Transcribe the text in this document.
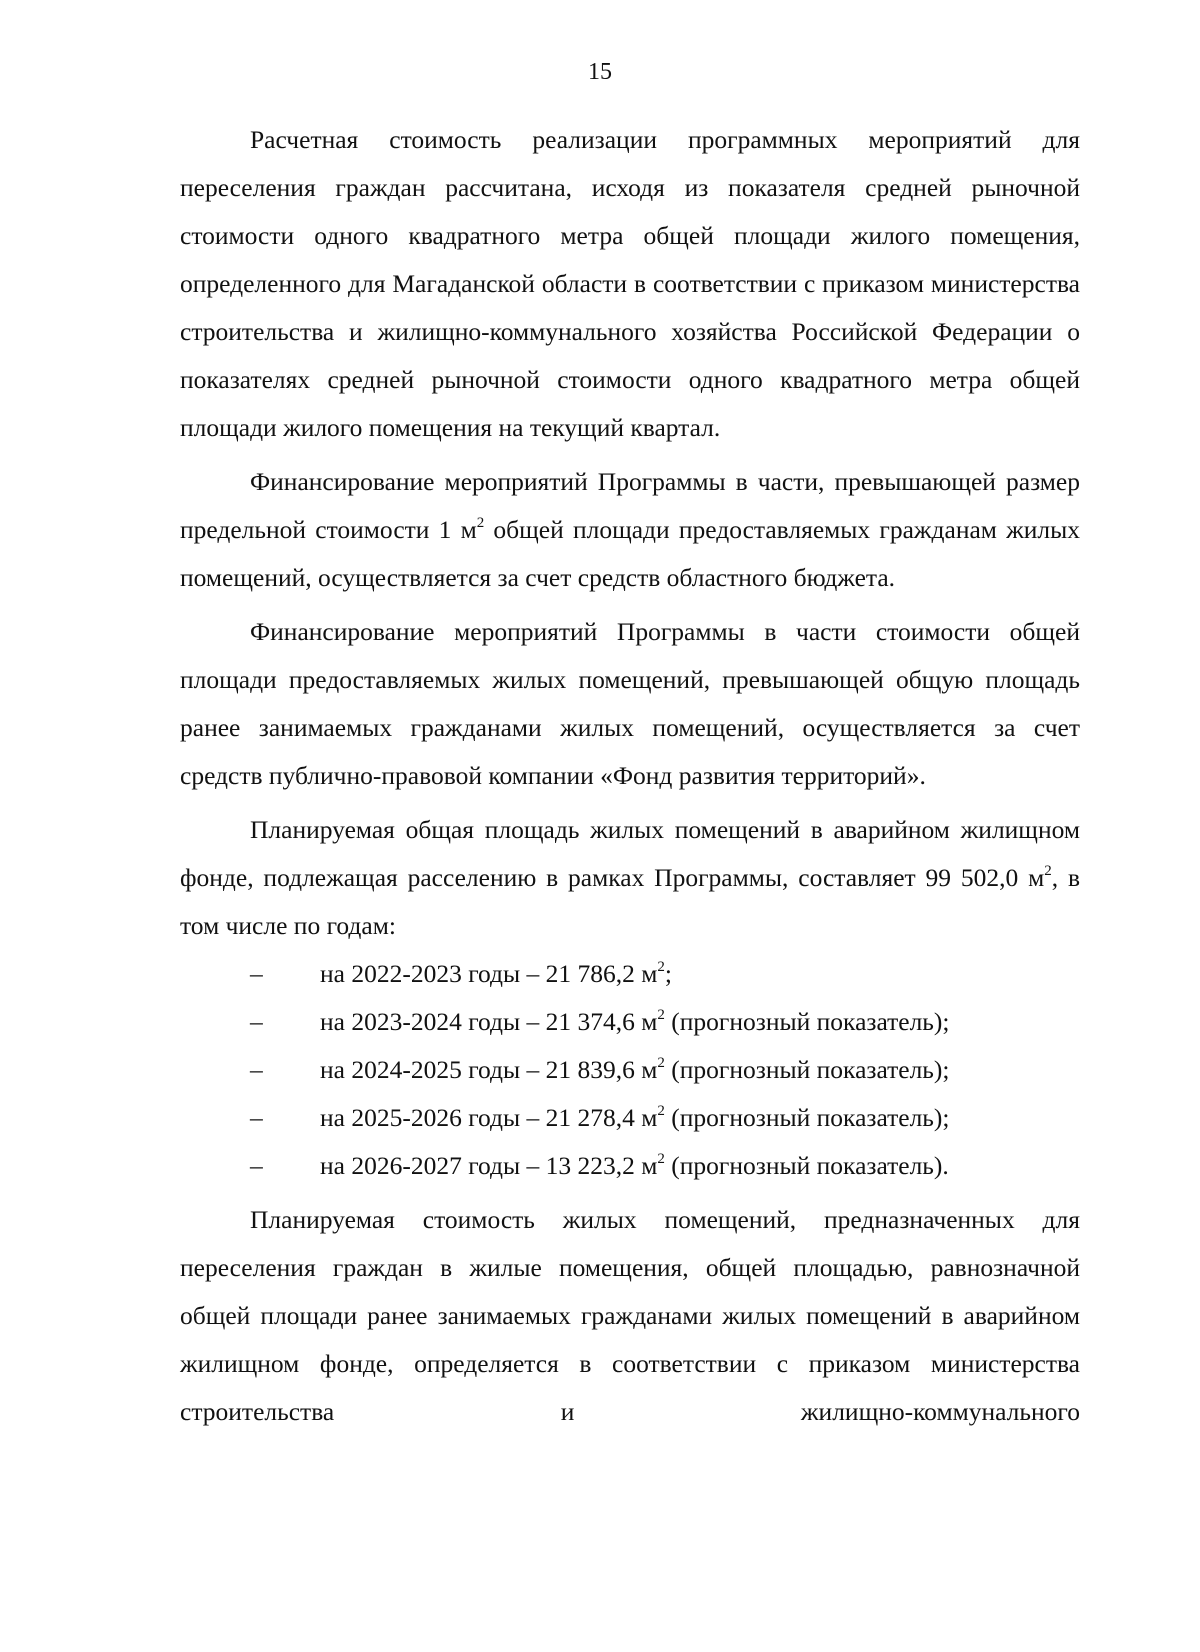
15

Расчетная стоимость реализации программных мероприятий для переселения граждан рассчитана, исходя из показателя средней рыночной стоимости одного квадратного метра общей площади жилого помещения, определенного для Магаданской области в соответствии с приказом министерства строительства и жилищно-коммунального хозяйства Российской Федерации о показателях средней рыночной стоимости одного квадратного метра общей площади жилого помещения на текущий квартал.

Финансирование мероприятий Программы в части, превышающей размер предельной стоимости 1 $м^2$ общей площади предоставляемых гражданам жилых помещений, осуществляется за счет средств областного бюджета.

Финансирование мероприятий Программы в части стоимости общей площади предоставляемых жилых помещений, превышающей общую площадь ранее занимаемых гражданами жилых помещений, осуществляется за счет средств публично-правовой компании «Фонд развития территорий».

Планируемая общая площадь жилых помещений в аварийном жилищном фонде, подлежащая расселению в рамках Программы, составляет 99 502,0 $м^2$, в том числе по годам:

– на 2022-2023 годы – 21 786,2 $м^2$;
– на 2023-2024 годы – 21 374,6 $м^2$ (прогнозный показатель);
– на 2024-2025 годы – 21 839,6 $м^2$ (прогнозный показатель);
– на 2025-2026 годы – 21 278,4 $м^2$ (прогнозный показатель);
– на 2026-2027 годы – 13 223,2 $м^2$ (прогнозный показатель).

Планируемая стоимость жилых помещений, предназначенных для переселения граждан в жилые помещения, общей площадью, равнозначной общей площади ранее занимаемых гражданами жилых помещений в аварийном жилищном фонде, определяется в соответствии с приказом министерства строительства и жилищно-коммунального
